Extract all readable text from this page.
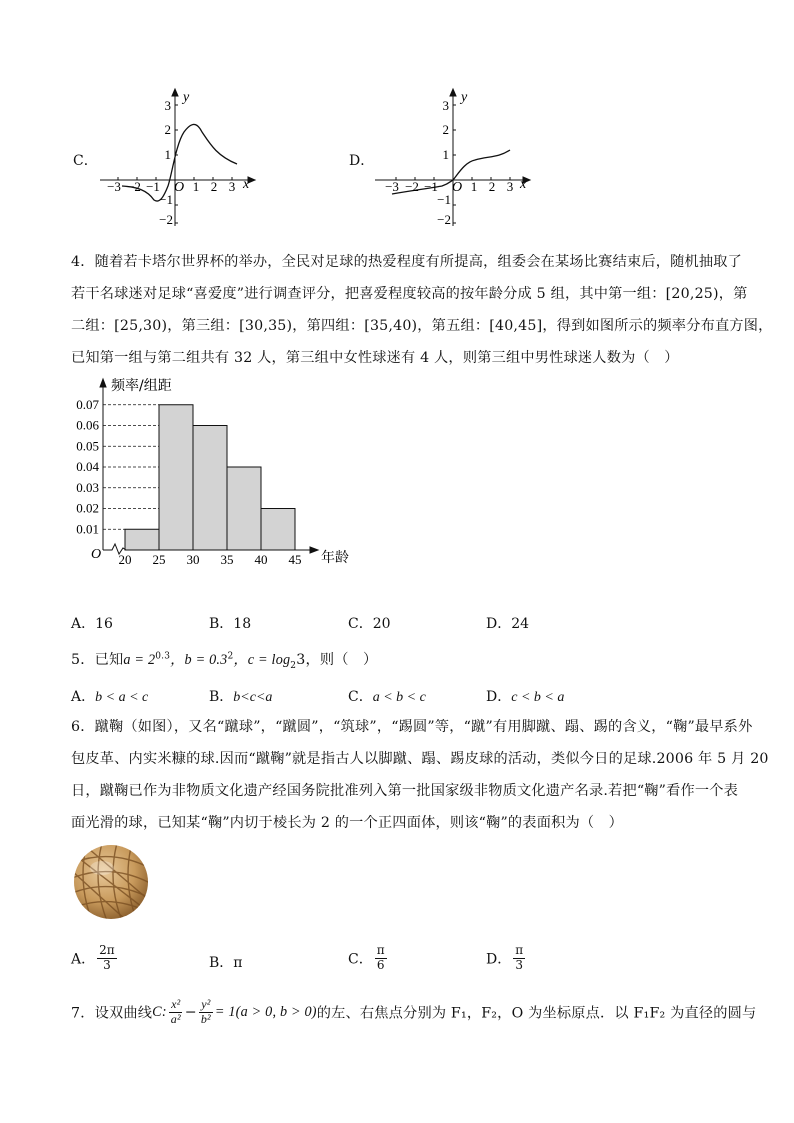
C．
y
x
O
−3 −2 −1	1 2 3
3
2
1
−1
−2
D．
y
x
O
−3 −2 −1	1 2 3
3
2
1
−1
−2
4．随着若卡塔尔世界杯的举办，全民对足球的热爱程度有所提高，组委会在某场比赛结束后，随机抽取了
若干名球迷对足球“喜爱度”进行调查评分，把喜爱程度较高的按年龄分成 5 组，其中第一组：[20,25)，第
二组：[25,30)，第三组：[30,35)，第四组：[35,40)，第五组：[40,45]，得到如图所示的频率分布直方图，
已知第一组与第二组共有 32 人，第三组中女性球迷有 4 人，则第三组中男性球迷人数为（　）
0.01
0.02
0.03
0.04
0.05
0.06
0.07
20 25 30 35 40 45
频率/组距
年龄
O
A．16	B．18	C．20	D．24
5．已知$a = 2^{0.3}$，$b = 0.3^2$，$c = \log_23$，则（　）
A．b < a < c	B．b<c<a	C．a < b < c	D．c < b < a
6．蹴鞠（如图），又名“蹴球”，“蹴圆”，“筑球”，“踢圆”等，“蹴”有用脚蹴、蹋、踢的含义，“鞠”最早系外
包皮革、内实米糠的球.因而“蹴鞠”就是指古人以脚蹴、蹋、踢皮球的活动，类似今日的足球.2006 年 5 月 20
日，蹴鞠已作为非物质文化遗产经国务院批准列入第一批国家级非物质文化遗产名录.若把“鞠”看作一个表
面光滑的球，已知某“鞠”内切于棱长为 2 的一个正四面体，则该“鞠”的表面积为（　）
A． $\frac{2\pi}{3}$	B．π	C． $\frac{\pi}{6}$	D． $\frac{\pi}{3}$
7．设双曲线C: $\frac{\text{x²}}{\text{a²}} - \frac{\text{y²}}{\text{b²}} = 1(a > 0$, b > 0)的左、右焦点分别为 F₁，F₂，O 为坐标原点．以 F₁F₂ 为直径的圆与
